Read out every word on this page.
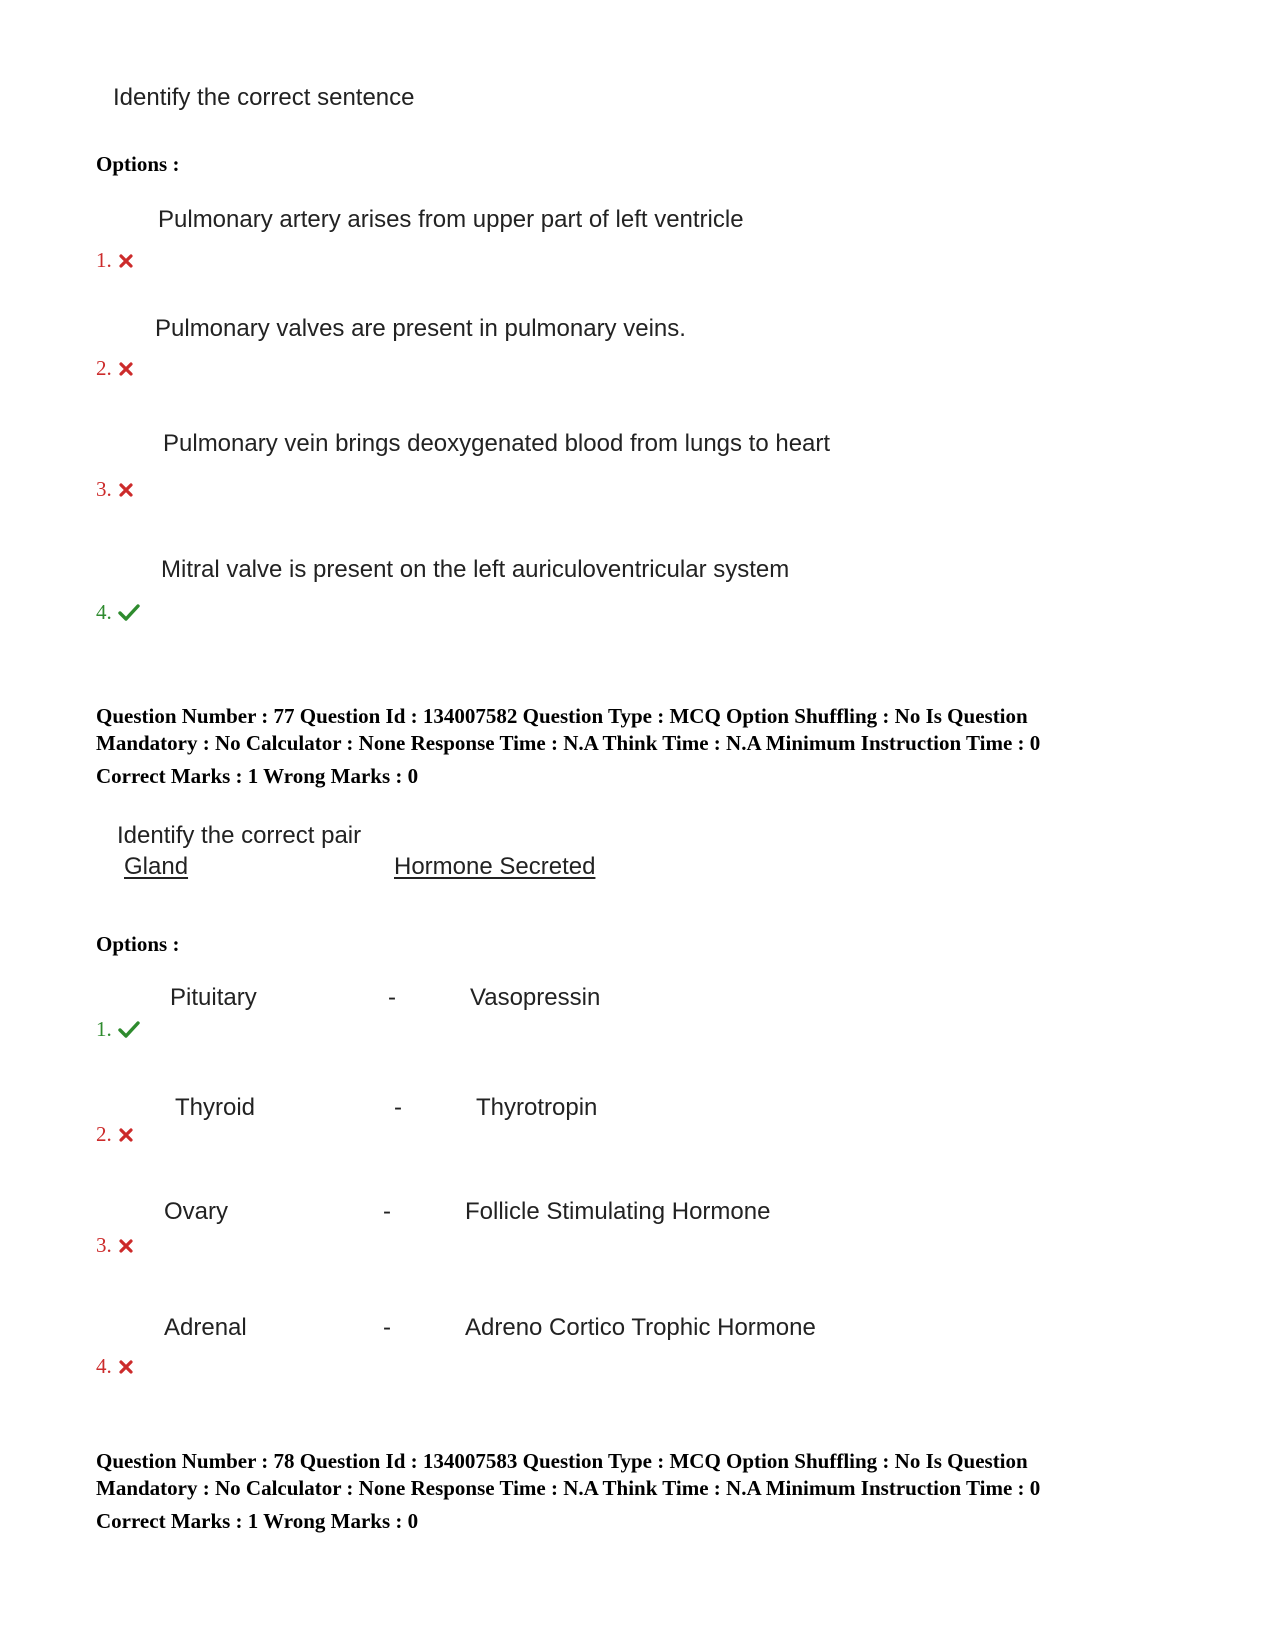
Identify the correct sentence
Options :
Pulmonary artery arises from upper part of left ventricle
1.
Pulmonary valves are present in pulmonary veins.
2.
Pulmonary vein brings deoxygenated blood from lungs to heart
3.
Mitral valve is present on the left auriculoventricular system
4.
Question Number : 77 Question Id : 134007582 Question Type : MCQ Option Shuffling : No Is Question
Mandatory : No Calculator : None Response Time : N.A Think Time : N.A Minimum Instruction Time : 0
Correct Marks : 1 Wrong Marks : 0
Identify the correct pair
Gland	Hormone Secreted
Options :
Pituitary	-	Vasopressin
1.
Thyroid	-	Thyrotropin
2.
Ovary	-	Follicle Stimulating Hormone
3.
Adrenal	-	Adreno Cortico Trophic Hormone
4.
Question Number : 78 Question Id : 134007583 Question Type : MCQ Option Shuffling : No Is Question
Mandatory : No Calculator : None Response Time : N.A Think Time : N.A Minimum Instruction Time : 0
Correct Marks : 1 Wrong Marks : 0
